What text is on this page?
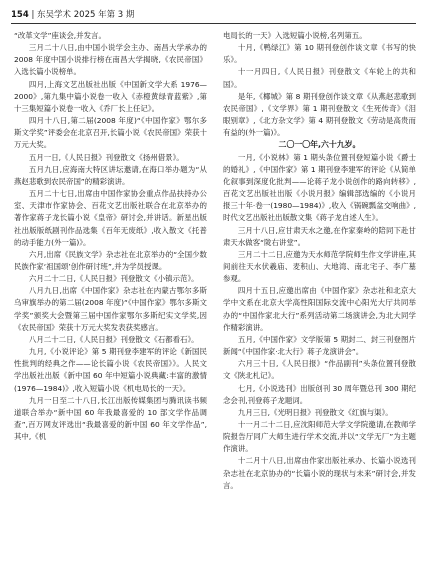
154 | 东吴学术 2025 年第 3 期

“改革文学”座谈会,并发言。

三月二十八日,由中国小说学会主办、南昌大学承办的 2008 年度中国小说排行榜在南昌大学揭晓,《农民帝国》入选长篇小说榜单。

四月,上海文艺出版社出版《中国新文学大系 1976—2000》,第九集中篇小说卷一收入《赤橙黄绿青蓝紫》,第十三集短篇小说卷一收入《乔厂长上任记》。

四月十八日,第二届(2008 年度)“《中国作家》鄂尔多斯文学奖”评委会在北京召开,长篇小说《农民帝国》荣获十万元大奖。

五月一日,《人民日报》刊登散文《扬州借景》。

五月九日,应海南大特区讲坛邀请,在海口举办题为“从燕赵悲歌到农民帝国”的精彩演讲。

五月二十七日,出席由中国作家协会重点作品扶持办公室、天津市作家协会、百花文艺出版社联合在北京举办的著作家蒋子龙长篇小说《皇帝》研讨会,并讲话。新星出版社出版版纸剧刊作品选集《百年无废纸》,收入散文《托普的动手能力(外一篇)》。

六月,出席《民族文学》杂志社在北京举办的“全国少数民族作家‘祖国颂’创作研讨班”,并为学员授课。

六月二十二日,《人民日报》刊登散文《小镇示范》。

八月九日,出席《中国作家》杂志社在内蒙古鄂尔多斯乌审旗举办的第二届(2008 年度)“《中国作家》鄂尔多斯文学奖”颁奖大会暨第三届中国作家鄂尔多斯纪实文学奖,因《农民帝国》荣获十万元大奖发表获奖感言。

八月二十二日,《人民日报》刊登散文《石都看石》。

九月,《小说评论》第 5 期刊登李建军的评论《新国民性批判的经典之作——论长篇小说《农民帝国》》。人民文学出版社出版《新中国 60 年中短篇小说典藏:丰富的激情(1976—1984)》,收入短篇小说《机电局长的一天》。

九月一日至二十八日,长江出版传媒集团与腾讯读书频道联合举办“新中国 60 年我最喜爱的 10 部文学作品调查”,百万网友评选出“我最喜爱的新中国 60 年文学作品”,其中,《机

电局长的一天》入选短篇小说榜,名列第五。

十月,《鸭绿江》第 10 期刊登创作谈文章《书写的快乐》。

十一月四日,《人民日报》刊登散文《车轮上的共和国》。

是年,《椰城》第 8 期刊登创作谈文章《从燕赵悲歌到农民帝国》,《文学界》第 1 期刊登散文《生死传奇》《泪眼别章》,《北方杂文学》第 4 期刊登散文《劳动是高贵而有益的(外一篇)》。

二〇一〇年,六十九岁。

一月,《小说林》第 1 期头条位置刊登短篇小说《爵士的婚礼》,《中国作家》第 1 期刊登李建军的评论《从简单化叙事到深度化批判——论蒋子龙小说创作的路向转移》,百花文艺出版社出版《小说月报》编辑部选编的《小说月报三十年·卷一(1980—1984)》,收入《锅碗瓢盆交响曲》,时代文艺出版社出版散文集《蒋子龙自述人生》。

三月十八日,应甘肃天水之邀,在作家秦岭的陪同下赴甘肃天水做客“陇右讲堂”。

三月二十二日,应邀为天水师范学院师生作文学讲座,其间前往天水伏羲庙、麦积山、大地湾、南北宅子、李广墓参观。

四月十五日,应邀出席由《中国作家》杂志社和北京大学中文系在北京大学高性阳国际交流中心阳光大厅共同举办的“中国作家北大行”系列活动第二场演讲会,为北大同学作精彩演讲。

五月,《中国作家》文学版第 5 期封二、封三刊登图片新闻“《中国作家·北大行》蒋子龙演讲会”。

六月三十日,《人民日报》“作品副刊”头条位置刊登散文《陕北札记》。

七月,《小说选刊》出版创刊 30 周年暨总刊 300 期纪念会刊,刊登蒋子龙题词。

九月三日,《光明日报》刊登散文《红旗与渠》。

十一月二十二日,应沈阳师范大学文学院邀请,在教师学院报告厅同广大师生进行学术交流,并以“文学无厂”为主题作演讲。

十二月十八日,出席由作家出版社承办、长篇小说选刊杂志社在北京协办的“长篇小说的现状与未来”研讨会,并发言。
